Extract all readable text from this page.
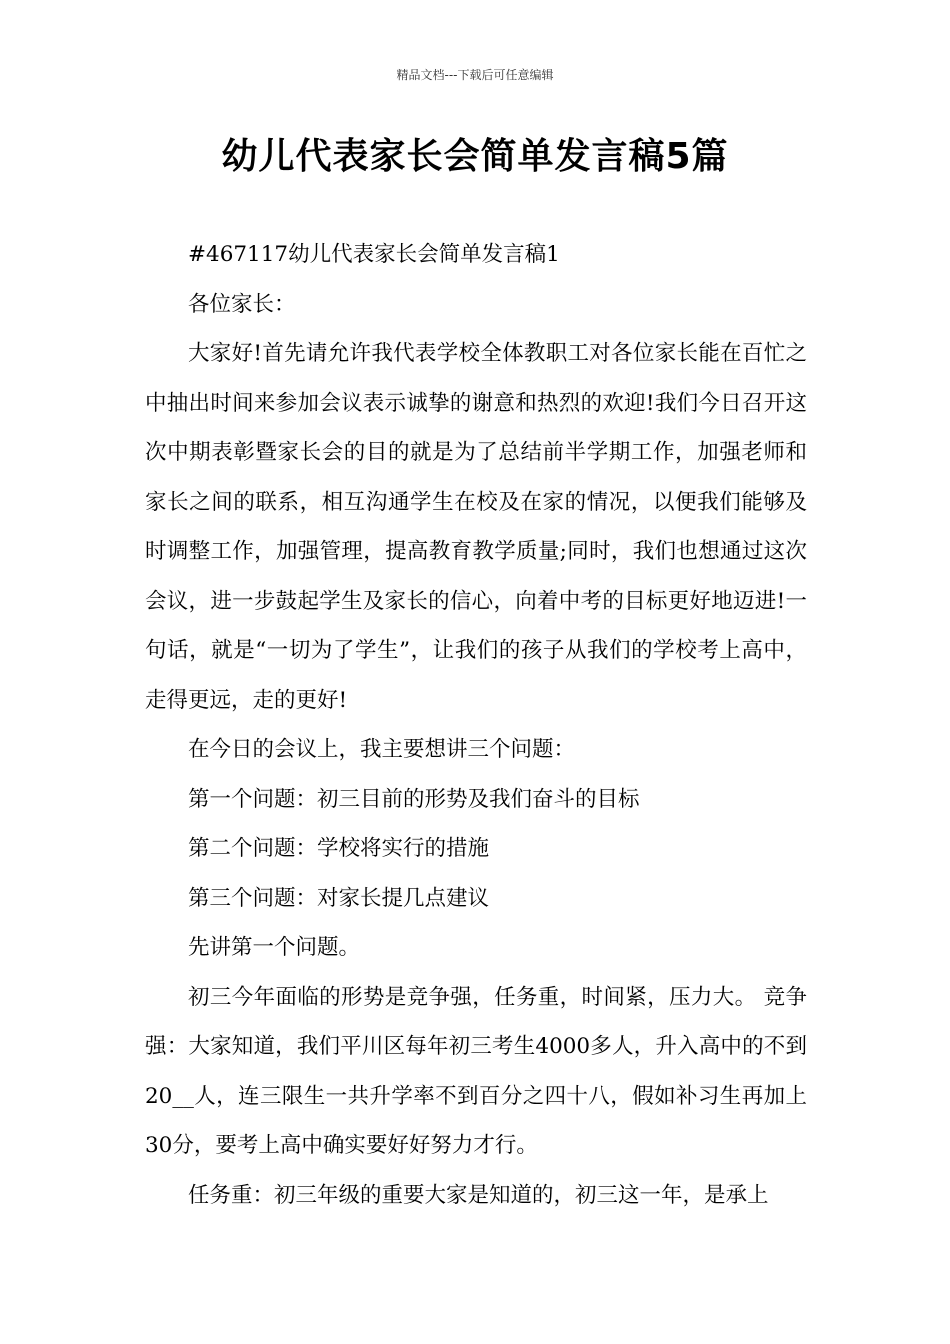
精品文档---下载后可任意编辑
幼儿代表家长会简单发言稿5篇

#467117幼儿代表家长会简单发言稿1

各位家长：

大家好!首先请允许我代表学校全体教职工对各位家长能在百忙之中抽出时间来参加会议表示诚挚的谢意和热烈的欢迎!我们今日召开这次中期表彰暨家长会的目的就是为了总结前半学期工作，加强老师和家长之间的联系，相互沟通学生在校及在家的情况，以便我们能够及时调整工作，加强管理，提高教育教学质量;同时，我们也想通过这次会议，进一步鼓起学生及家长的信心，向着中考的目标更好地迈进!一句话，就是“一切为了学生”，让我们的孩子从我们的学校考上高中，走得更远，走的更好!

在今日的会议上，我主要想讲三个问题：

第一个问题：初三目前的形势及我们奋斗的目标

第二个问题：学校将实行的措施

第三个问题：对家长提几点建议

先讲第一个问题。

初三今年面临的形势是竞争强，任务重，时间紧，压力大。 竞争强：大家知道，我们平川区每年初三考生4000多人，升入高中的不到20__人，连三限生一共升学率不到百分之四十八，假如补习生再加上30分，要考上高中确实要好好努力才行。

任务重：初三年级的重要大家是知道的，初三这一年，是承上
